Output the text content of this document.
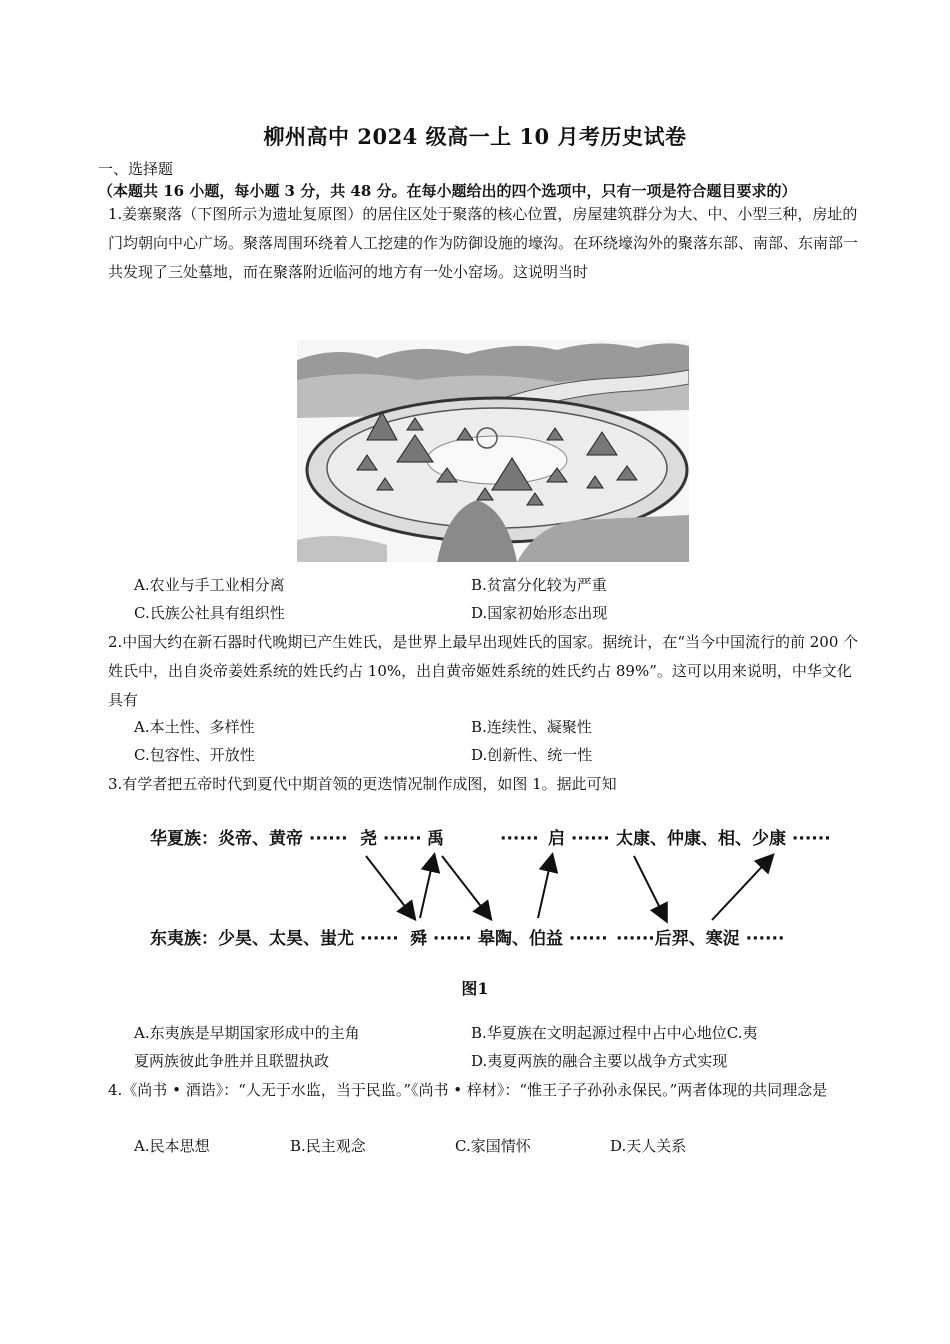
柳州高中 2024 级高一上 10 月考历史试卷
一、选择题（本题共 16 小题，每小题 3 分，共 48 分。在每小题给出的四个选项中，只有一项是符合题目要求的）
1.姜寨聚落（下图所示为遗址复原图）的居住区处于聚落的核心位置，房屋建筑群分为大、中、小型三种，房址的门均朝向中心广场。聚落周围环绕着人工挖建的作为防御设施的壕沟。在环绕壕沟外的聚落东部、南部、东南部一共发现了三处墓地，而在聚落附近临河的地方有一处小窑场。这说明当时
A.农业与手工业相分离	B.贫富分化较为严重
C.氏族公社具有组织性	D.国家初始形态出现
2.中国大约在新石器时代晚期已产生姓氏，是世界上最早出现姓氏的国家。据统计，在“当今中国流行的前 200 个姓氏中，出自炎帝姜姓系统的姓氏约占 10%，出自黄帝姬姓系统的姓氏约占 89%”。这可以用来说明，中华文化具有
A.本土性、多样性	B.连续性、凝聚性
C.包容性、开放性	D.创新性、统一性
3.有学者把五帝时代到夏代中期首领的更迭情况制作成图，如图 1。据此可知
华夏族：炎帝、黄帝 ······ 尧 ······ 禹	······ 启 ······ 太康、仲康、相、少康 ······
东夷族：少昊、太昊、蚩尤 ······ 舜 ······ 皋陶、伯益 ······ ······后羿、寒浞 ······
图1
A.东夷族是早期国家形成中的主角	B.华夏族在文明起源过程中占中心地位C.夷
夏两族彼此争胜并且联盟执政	D.夷夏两族的融合主要以战争方式实现
4.《尚书 • 酒诰》：“人无于水监，当于民监。”《尚书 • 梓材》：“惟王子子孙孙永保民。”两者体现的共同理念是
A.民本思想	B.民主观念	C.家国情怀	D.天人关系
